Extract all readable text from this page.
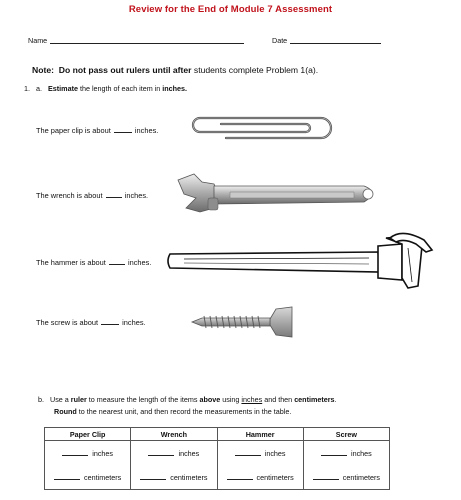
Review for the End of Module 7 Assessment
Name	Date
Note: Do not pass out rulers until after students complete Problem 1(a).
1. a. Estimate the length of each item in inches.
The paper clip is about	inches.
The wrench is about	inches.
The hammer is about	inches.
The screw is about	inches.
b. Use a ruler to measure the length of the items above using inches and then centimeters.
Round to the nearest unit, and then record the measurements in the table.
Paper Clip	Wrench	Hammer	Screw
inches	inches	inches	inches
centimeters	centimeters	centimeters	centimeters
